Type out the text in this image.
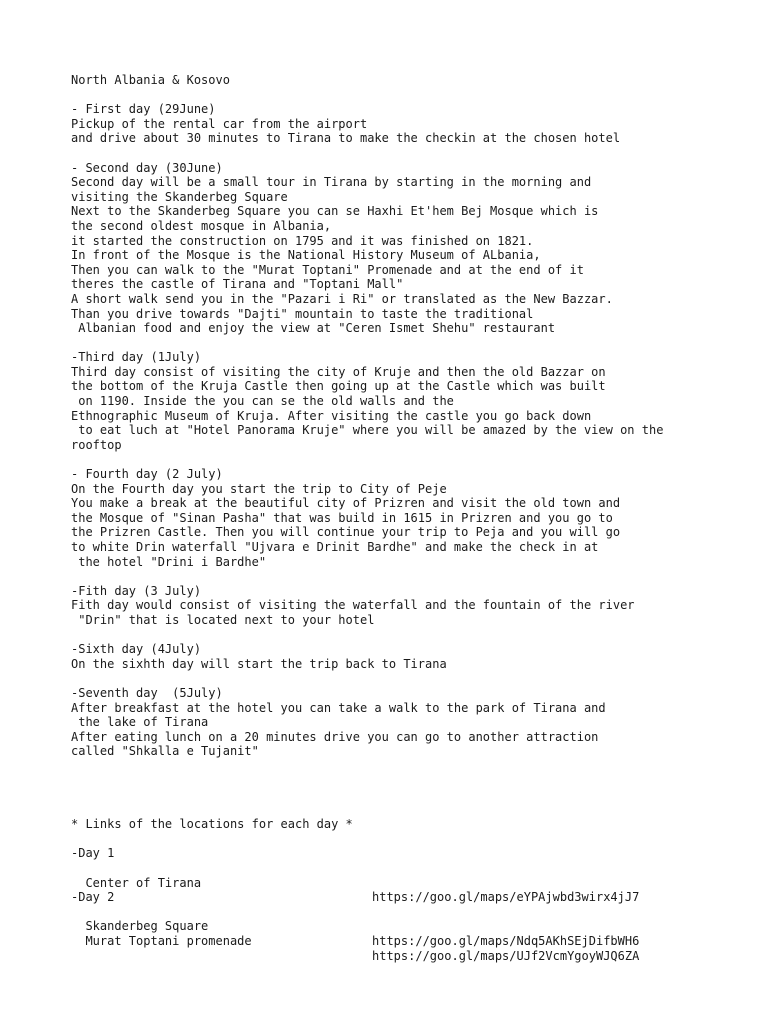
North Albania & Kosovo
- First day (29June)
Pickup of the rental car from the airport
and drive about 30 minutes to Tirana to make the checkin at the chosen hotel
- Second day (30June)
Second day will be a small tour in Tirana by starting in the morning and
visiting the Skanderbeg Square
Next to the Skanderbeg Square you can se Haxhi Et'hem Bej Mosque which is
the second oldest mosque in Albania,
it started the construction on 1795 and it was finished on 1821.
In front of the Mosque is the National History Museum of ALbania,
Then you can walk to the "Murat Toptani" Promenade and at the end of it
theres the castle of Tirana and "Toptani Mall"
A short walk send you in the "Pazari i Ri" or translated as the New Bazzar.
Than you drive towards "Dajti" mountain to taste the traditional
Albanian food and enjoy the view at "Ceren Ismet Shehu" restaurant
-Third day (1July)
Third day consist of visiting the city of Kruje and then the old Bazzar on
the bottom of the Kruja Castle then going up at the Castle which was built
on 1190. Inside the you can se the old walls and the
Ethnographic Museum of Kruja. After visiting the castle you go back down
to eat luch at "Hotel Panorama Kruje" where you will be amazed by the view on the
rooftop
- Fourth day (2 July)
On the Fourth day you start the trip to City of Peje
You make a break at the beautiful city of Prizren and visit the old town and
the Mosque of "Sinan Pasha" that was build in 1615 in Prizren and you go to
the Prizren Castle. Then you will continue your trip to Peja and you will go
to white Drin waterfall "Ujvara e Drinit Bardhe" and make the check in at
the hotel "Drini i Bardhe"
-Fith day (3 July)
Fith day would consist of visiting the waterfall and the fountain of the river
"Drin" that is located next to your hotel
-Sixth day (4July)
On the sixhth day will start the trip back to Tirana
-Seventh day  (5July)
After breakfast at the hotel you can take a walk to the park of Tirana and
the lake of Tirana
After eating lunch on a 20 minutes drive you can go to another attraction
called "Shkalla e Tujanit"
* Links of the locations for each day *
-Day 1

Center of Tirana

https://goo.gl/maps/eYPAjwbd3wirx4jJ7

-Day 2

Skanderbeg Square

https://goo.gl/maps/Ndq5AKhSEjDifbWH6

Murat Toptani promenade

https://goo.gl/maps/UJf2VcmYgoyWJQ6ZA
